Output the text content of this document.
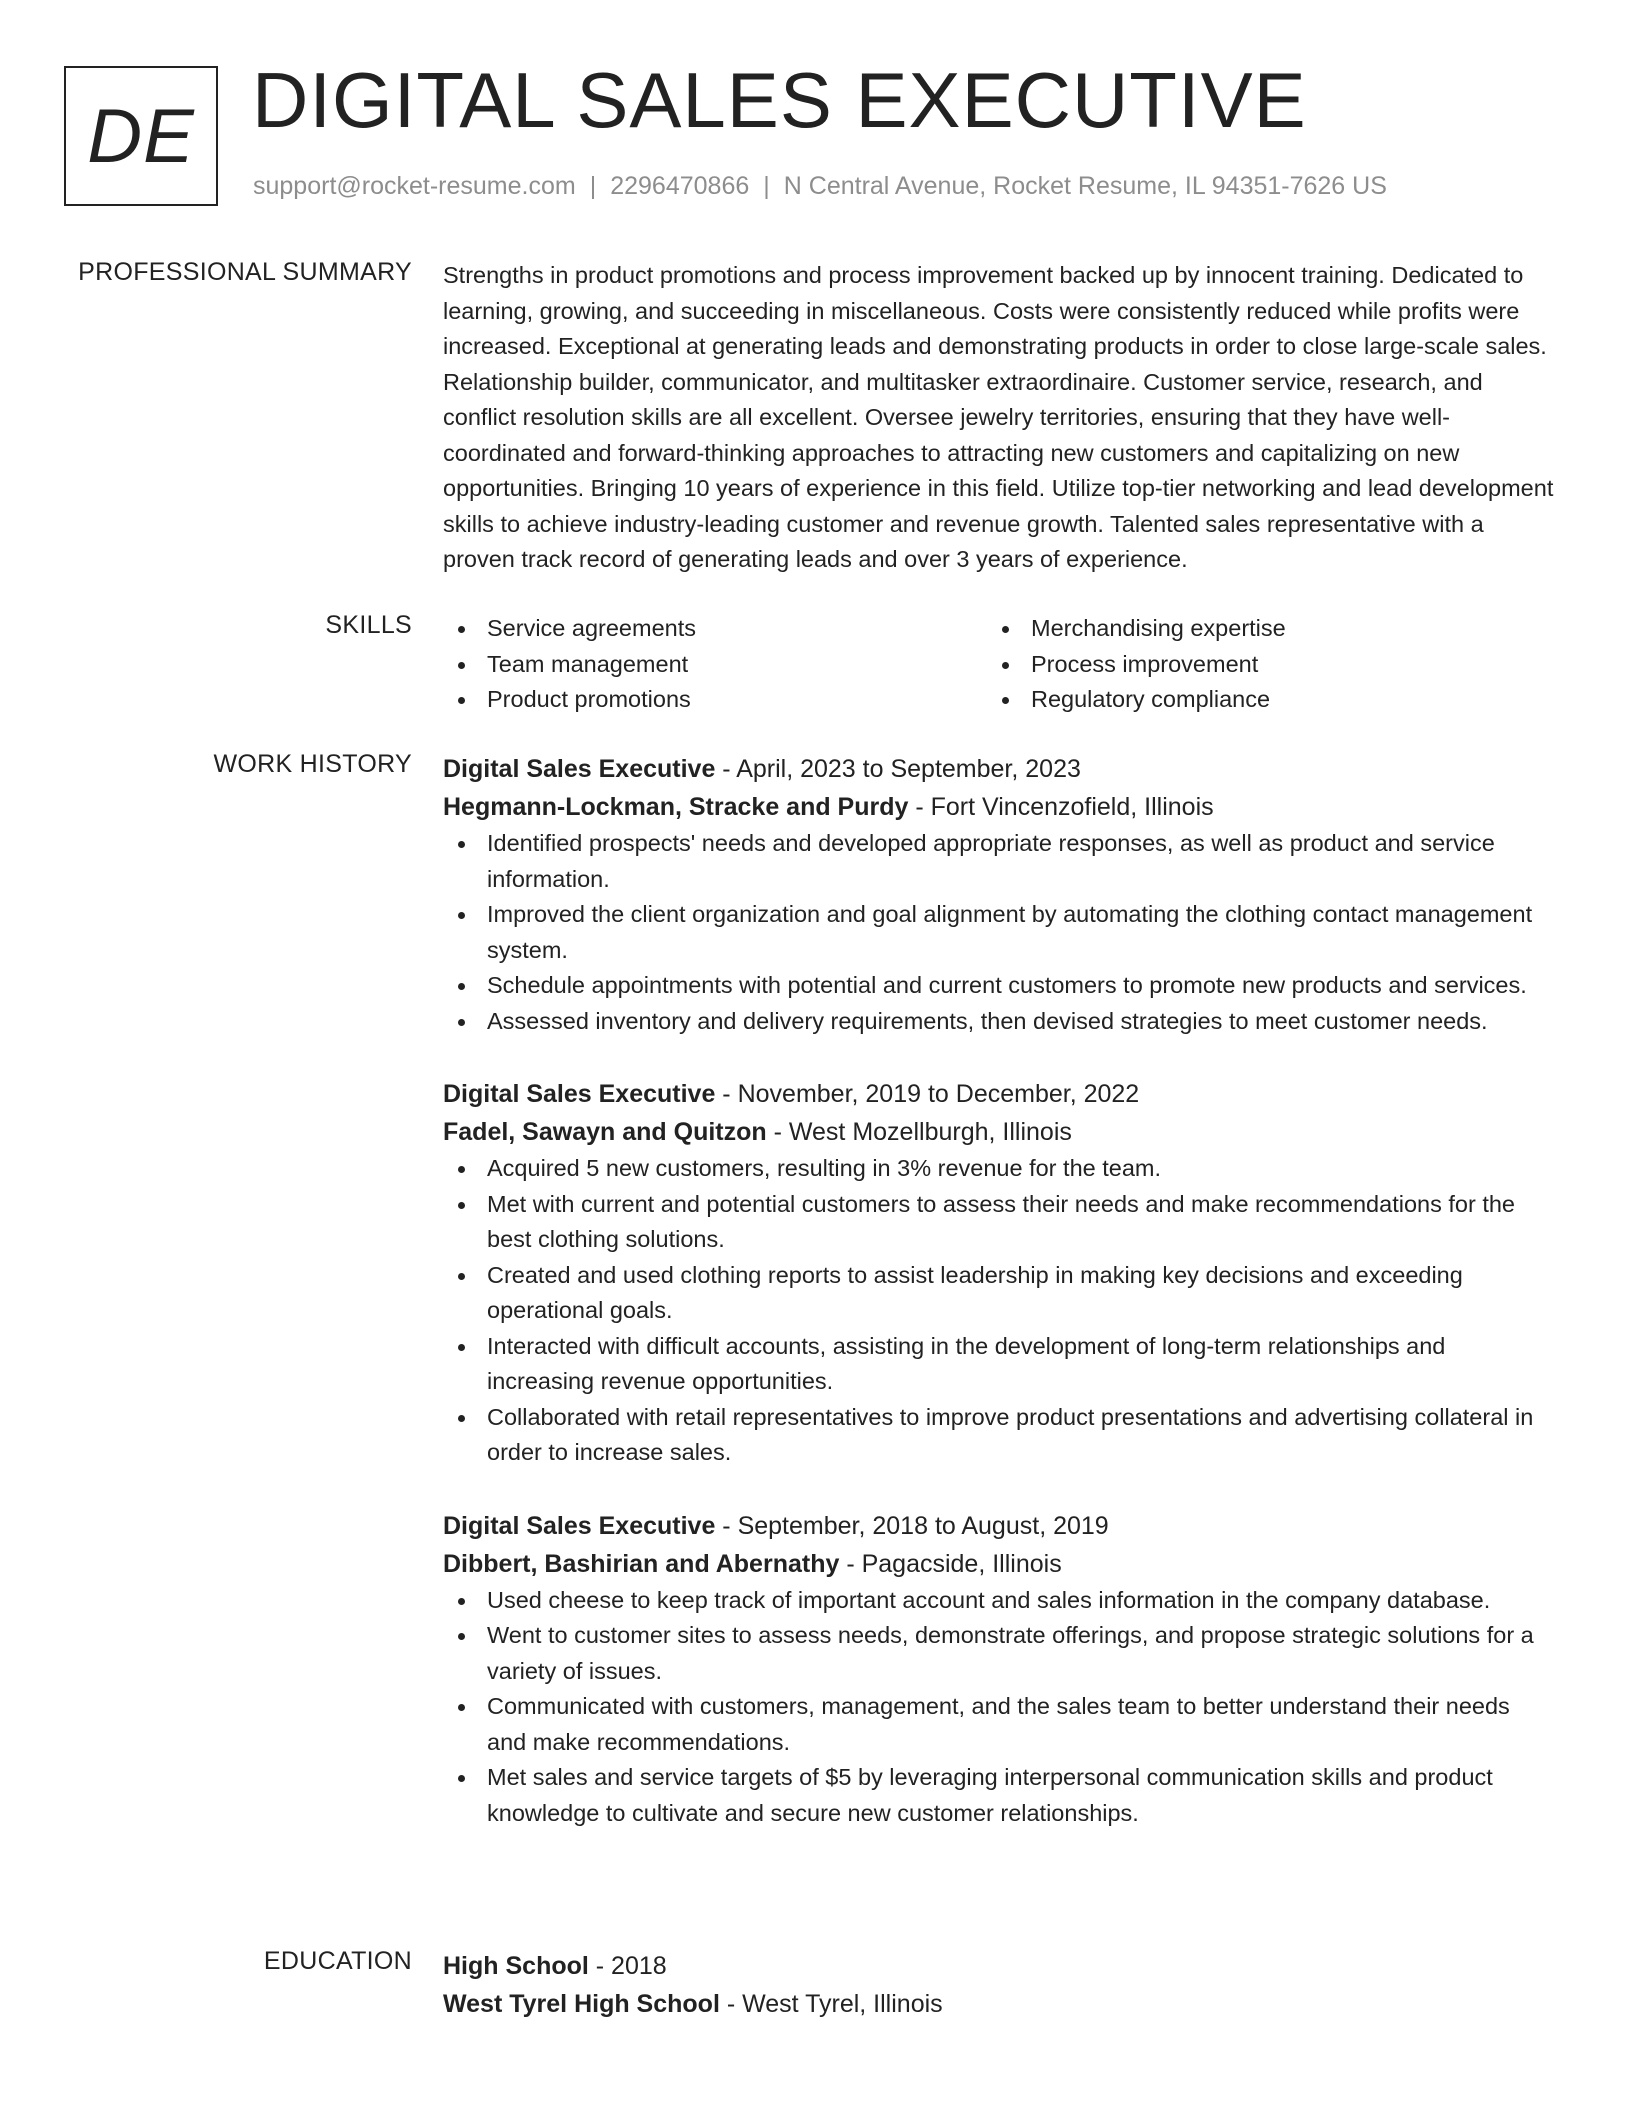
DE DIGITAL SALES EXECUTIVE
support@rocket-resume.com | 2296470866 | N Central Avenue, Rocket Resume, IL 94351-7626 US
PROFESSIONAL SUMMARY Strengths in product promotions and process improvement backed up by innocent training. Dedicated to learning, growing, and succeeding in miscellaneous. Costs were consistently reduced while profits were increased. Exceptional at generating leads and demonstrating products in order to close large-scale sales. Relationship builder, communicator, and multitasker extraordinaire. Customer service, research, and conflict resolution skills are all excellent. Oversee jewelry territories, ensuring that they have well-coordinated and forward-thinking approaches to attracting new customers and capitalizing on new opportunities. Bringing 10 years of experience in this field. Utilize top-tier networking and lead development skills to achieve industry-leading customer and revenue growth. Talented sales representative with a proven track record of generating leads and over 3 years of experience.

SKILLS	Service agreements
Team management
Product promotions
Merchandising expertise
Process improvement
Regulatory compliance
WORK HISTORY Digital Sales Executive - April, 2023 to September, 2023
Hegmann-Lockman, Stracke and Purdy - Fort Vincenzofield, Illinois
Identified prospects' needs and developed appropriate responses, as well as product and service information.
Improved the client organization and goal alignment by automating the clothing contact management system.
Schedule appointments with potential and current customers to promote new products and services.
Assessed inventory and delivery requirements, then devised strategies to meet customer needs.
Digital Sales Executive - November, 2019 to December, 2022
Fadel, Sawayn and Quitzon - West Mozellburgh, Illinois
Acquired 5 new customers, resulting in 3% revenue for the team.
Met with current and potential customers to assess their needs and make recommendations for the best clothing solutions.
Created and used clothing reports to assist leadership in making key decisions and exceeding operational goals.
Interacted with difficult accounts, assisting in the development of long-term relationships and increasing revenue opportunities.
Collaborated with retail representatives to improve product presentations and advertising collateral in order to increase sales.
Digital Sales Executive - September, 2018 to August, 2019
Dibbert, Bashirian and Abernathy - Pagacside, Illinois
Used cheese to keep track of important account and sales information in the company database.
Went to customer sites to assess needs, demonstrate offerings, and propose strategic solutions for a variety of issues.
Communicated with customers, management, and the sales team to better understand their needs and make recommendations.
Met sales and service targets of $5 by leveraging interpersonal communication skills and product knowledge to cultivate and secure new customer relationships.
EDUCATION High School - 2018
West Tyrel High School - West Tyrel, Illinois
